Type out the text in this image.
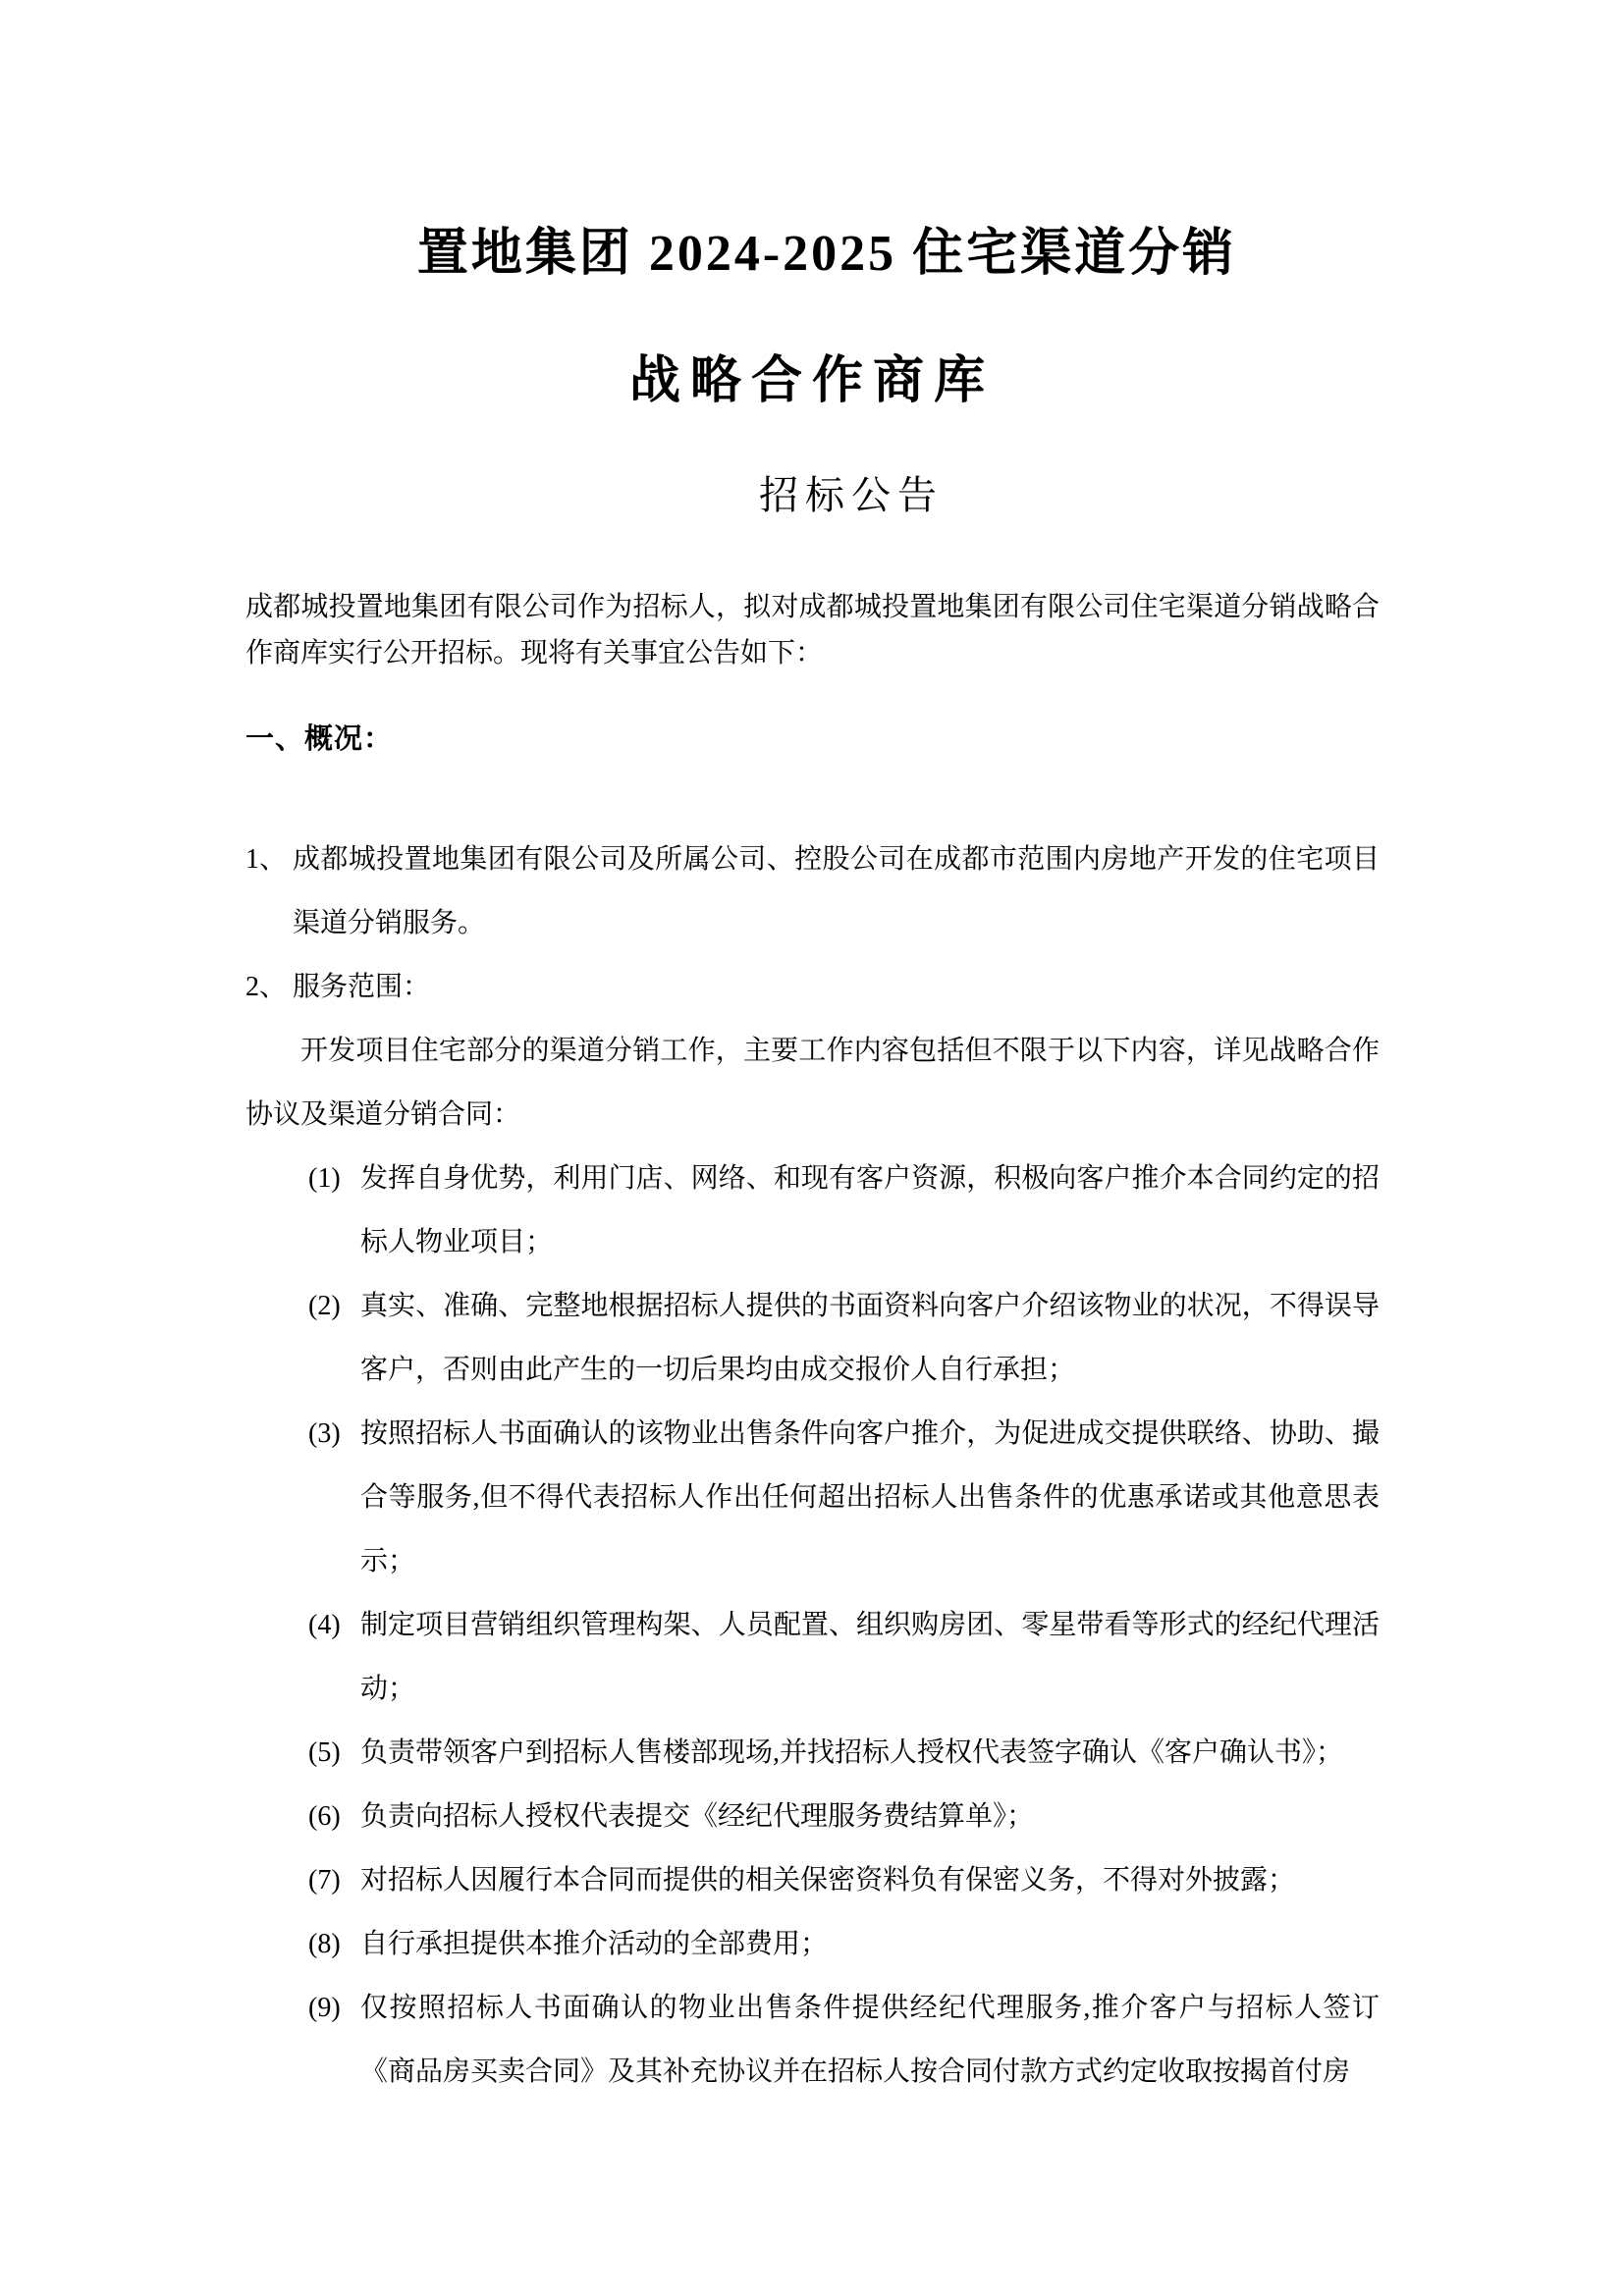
置地集团 2024-2025 住宅渠道分销
战略合作商库
招标公告

成都城投置地集团有限公司作为招标人，拟对成都城投置地集团有限公司住宅渠道分销战略合作商库实行公开招标。现将有关事宜公告如下：

一、概况：

1、 成都城投置地集团有限公司及所属公司、控股公司在成都市范围内房地产开发的住宅项目渠道分销服务。
2、 服务范围：

开发项目住宅部分的渠道分销工作，主要工作内容包括但不限于以下内容，详见战略合作协议及渠道分销合同：

(1) 发挥自身优势，利用门店、网络、和现有客户资源，积极向客户推介本合同约定的招标人物业项目；
(2) 真实、准确、完整地根据招标人提供的书面资料向客户介绍该物业的状况，不得误导客户，否则由此产生的一切后果均由成交报价人自行承担；
(3) 按照招标人书面确认的该物业出售条件向客户推介，为促进成交提供联络、协助、撮合等服务,但不得代表招标人作出任何超出招标人出售条件的优惠承诺或其他意思表示；
(4) 制定项目营销组织管理构架、人员配置、组织购房团、零星带看等形式的经纪代理活动；
(5) 负责带领客户到招标人售楼部现场,并找招标人授权代表签字确认《客户确认书》；
(6) 负责向招标人授权代表提交《经纪代理服务费结算单》；
(7) 对招标人因履行本合同而提供的相关保密资料负有保密义务，不得对外披露；
(8) 自行承担提供本推介活动的全部费用；
(9) 仅按照招标人书面确认的物业出售条件提供经纪代理服务,推介客户与招标人签订《商品房买卖合同》及其补充协议并在招标人按合同付款方式约定收取按揭首付房
